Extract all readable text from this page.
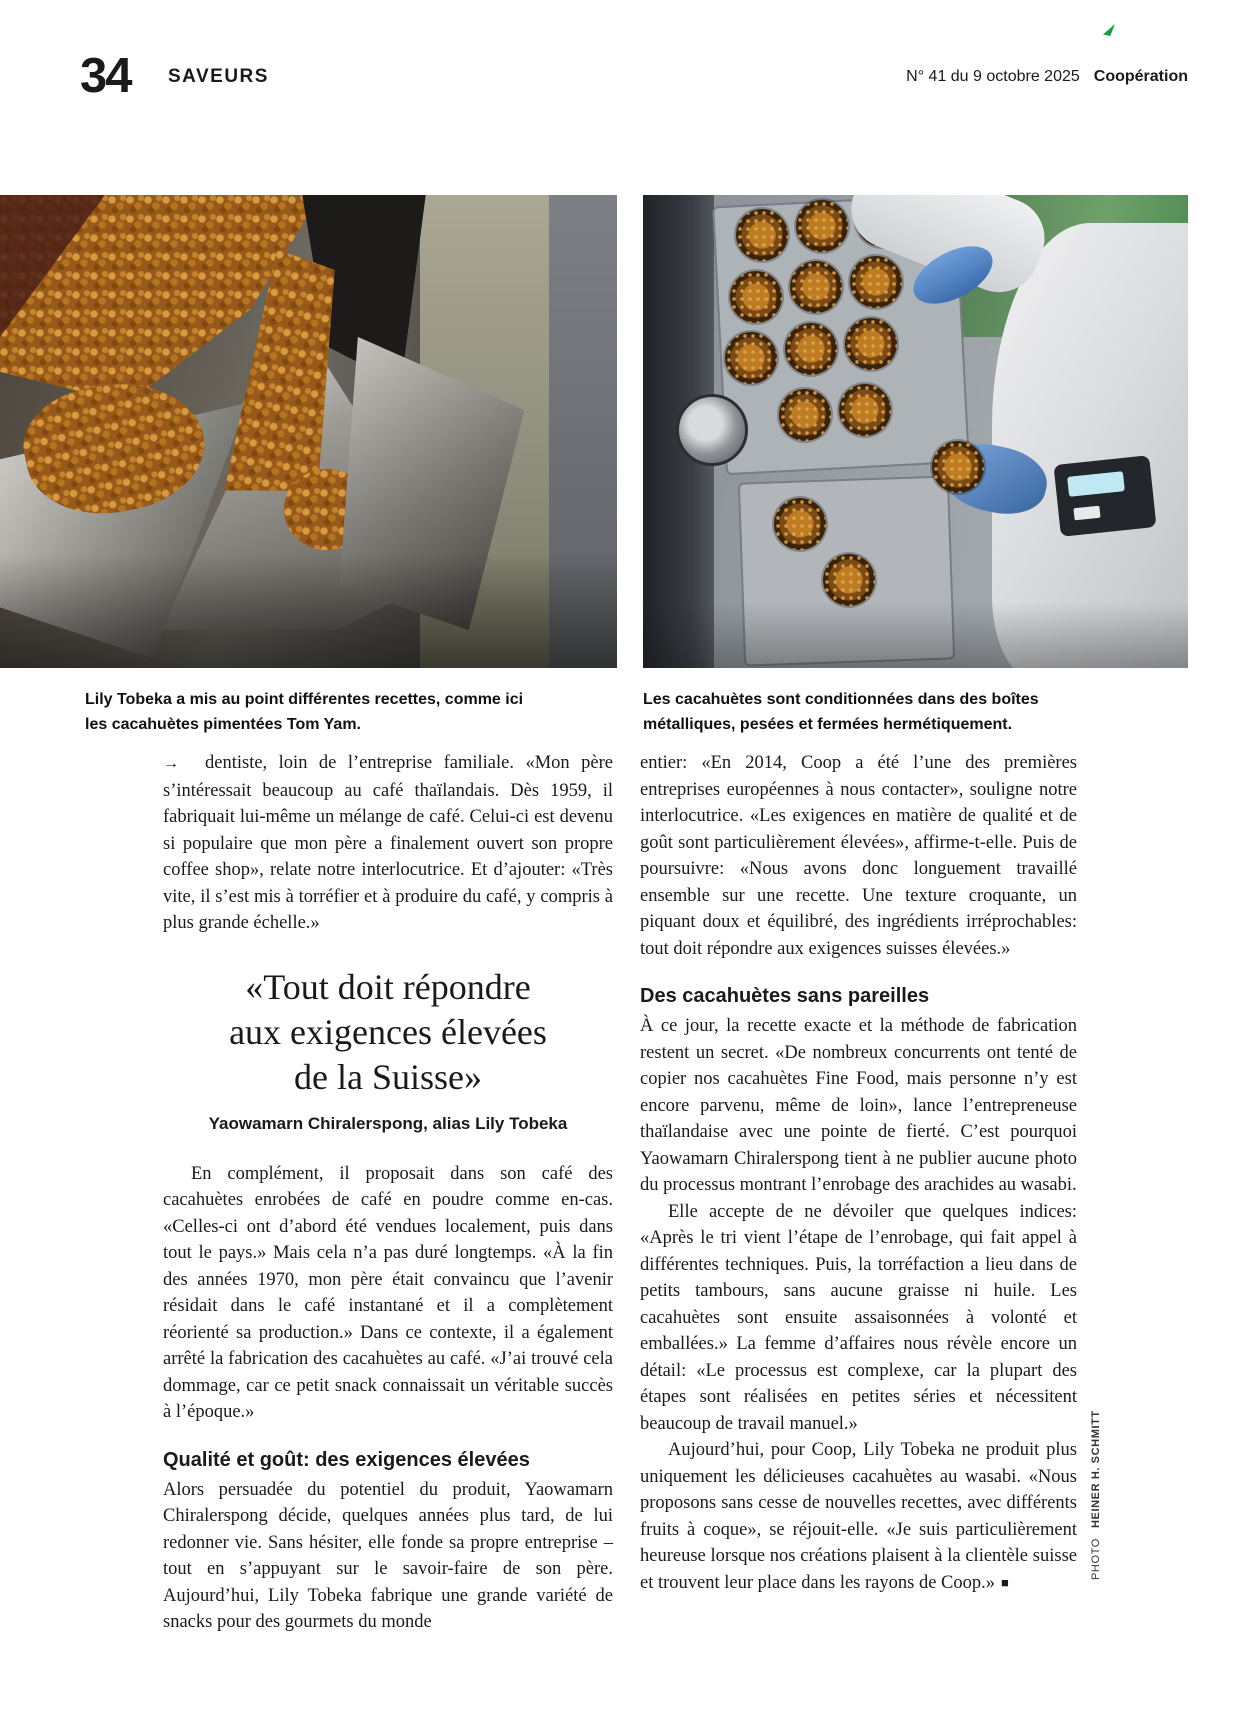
34 SAVEURS	N° 41 du 9 octobre 2025 Coopération
Lily Tobeka a mis au point différentes recettes, comme ici
les cacahuètes pimentées Tom Yam.
Les cacahuètes sont conditionnées dans des boîtes
métalliques, pesées et fermées hermétiquement.

→ dentiste, loin de l’entreprise familiale. «Mon père s’intéressait beaucoup au café thaïlandais. Dès 1959, il fabriquait lui-même un mélange de café. Celui-ci est devenu si populaire que mon père a finalement ouvert son propre coffee shop», relate notre interlocutrice. Et d’ajouter: «Très vite, il s’est mis à torréfier et à produire du café, y compris à plus grande échelle.»

«Tout doit répondre
aux exigences élevées
de la Suisse»
Yaowamarn Chiralerspong, alias Lily Tobeka

En complément, il proposait dans son café des cacahuètes enrobées de café en poudre comme en-cas. «Celles-ci ont d’abord été vendues localement, puis dans tout le pays.» Mais cela n’a pas duré longtemps. «À la fin des années 1970, mon père était convaincu que l’avenir résidait dans le café instantané et il a complètement réorienté sa production.» Dans ce contexte, il a également arrêté la fabrication des cacahuètes au café. «J’ai trouvé cela dommage, car ce petit snack connaissait un véritable succès à l’époque.»

Qualité et goût: des exigences élevées

Alors persuadée du potentiel du produit, Yaowamarn Chiralerspong décide, quelques années plus tard, de lui redonner vie. Sans hésiter, elle fonde sa propre entreprise – tout en s’appuyant sur le savoir-faire de son père. Aujourd’hui, Lily Tobeka fabrique une grande variété de snacks pour des gourmets du monde

entier: «En 2014, Coop a été l’une des premières entreprises européennes à nous contacter», souligne notre interlocutrice. «Les exigences en matière de qualité et de goût sont particulièrement élevées», affirme-t-elle. Puis de poursuivre: «Nous avons donc longuement travaillé ensemble sur une recette. Une texture croquante, un piquant doux et équilibré, des ingrédients irréprochables: tout doit répondre aux exigences suisses élevées.»

Des cacahuètes sans pareilles

À ce jour, la recette exacte et la méthode de fabrication restent un secret. «De nombreux concurrents ont tenté de copier nos cacahuètes Fine Food, mais personne n’y est encore parvenu, même de loin», lance l’entrepreneuse thaïlandaise avec une pointe de fierté. C’est pourquoi Yaowamarn Chiralerspong tient à ne publier aucune photo du processus montrant l’enrobage des arachides au wasabi.

Elle accepte de ne dévoiler que quelques indices: «Après le tri vient l’étape de l’enrobage, qui fait appel à différentes techniques. Puis, la torréfaction a lieu dans de petits tambours, sans aucune graisse ni huile. Les cacahuètes sont ensuite assaisonnées à volonté et emballées.» La femme d’affaires nous révèle encore un détail: «Le processus est complexe, car la plupart des étapes sont réalisées en petites séries et nécessitent beaucoup de travail manuel.»

Aujourd’hui, pour Coop, Lily Tobeka ne produit plus uniquement les délicieuses cacahuètes au wasabi. «Nous proposons sans cesse de nouvelles recettes, avec différents fruits à coque», se réjouit-elle. «Je suis particulièrement heureuse lorsque nos créations plaisent à la clientèle suisse et trouvent leur place dans les rayons de Coop.» ■

PHOTO HEINER H. SCHMITT
